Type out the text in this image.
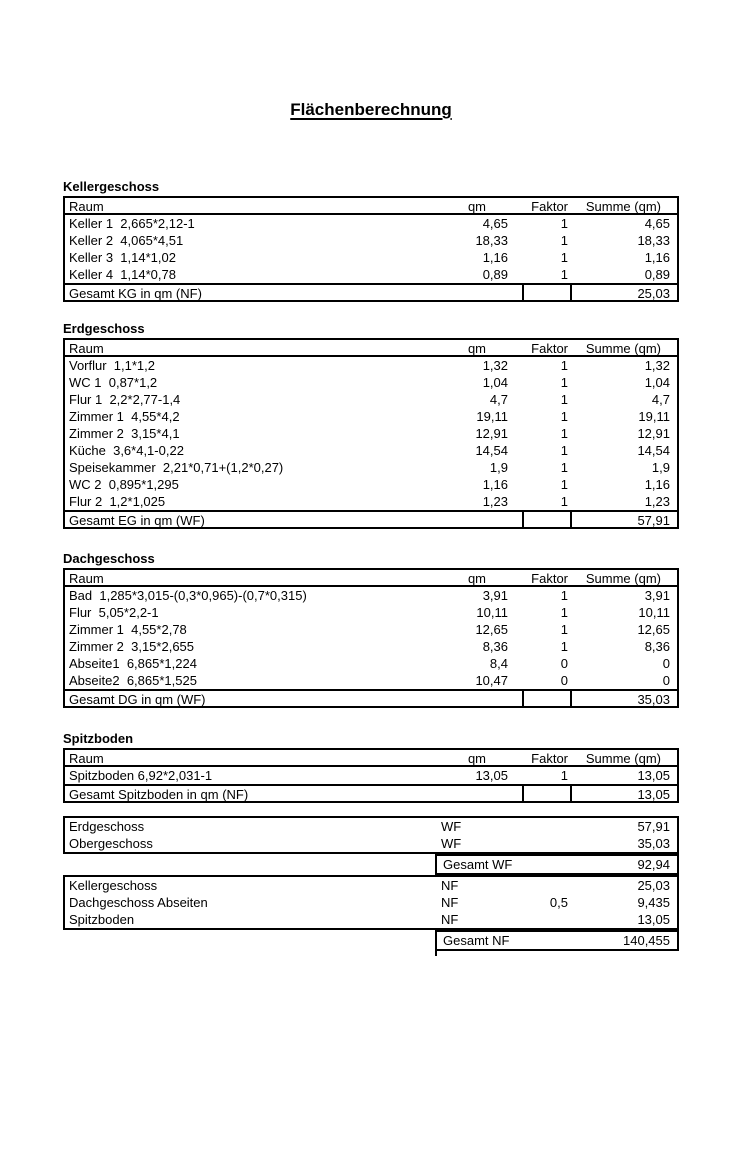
Flächenberechnung
Kellergeschoss
Raum	qm	Faktor	Summe (qm)
Keller 1  2,665*2,12-1	4,65	1	4,65
Keller 2  4,065*4,51	18,33	1	18,33
Keller 3  1,14*1,02	1,16	1	1,16
Keller 4  1,14*0,78	0,89	1	0,89
Gesamt KG in qm (NF)	25,03
Erdgeschoss
Raum	qm	Faktor	Summe (qm)
Vorflur  1,1*1,2	1,32	1	1,32
WC 1  0,87*1,2	1,04	1	1,04
Flur 1  2,2*2,77-1,4	4,7	1	4,7
Zimmer 1  4,55*4,2	19,11	1	19,11
Zimmer 2  3,15*4,1	12,91	1	12,91
Küche  3,6*4,1-0,22	14,54	1	14,54
Speisekammer  2,21*0,71+(1,2*0,27)	1,9	1	1,9
WC 2  0,895*1,295	1,16	1	1,16
Flur 2  1,2*1,025	1,23	1	1,23
Gesamt EG in qm (WF)	57,91
Dachgeschoss
Raum	qm	Faktor	Summe (qm)
Bad  1,285*3,015-(0,3*0,965)-(0,7*0,315)	3,91	1	3,91
Flur  5,05*2,2-1	10,11	1	10,11
Zimmer 1  4,55*2,78	12,65	1	12,65
Zimmer 2  3,15*2,655	8,36	1	8,36
Abseite1  6,865*1,224	8,4	0	0
Abseite2  6,865*1,525	10,47	0	0
Gesamt DG in qm (WF)	35,03
Spitzboden
Raum	qm	Faktor	Summe (qm)
Spitzboden 6,92*2,031-1	13,05	1	13,05
Gesamt Spitzboden in qm (NF)	13,05
Erdgeschoss	WF	57,91
Obergeschoss	WF	35,03
Gesamt WF	92,94
Kellergeschoss	NF	25,03
Dachgeschoss Abseiten	NF	0,5	9,435
Spitzboden	NF	13,05
Gesamt NF	140,455
